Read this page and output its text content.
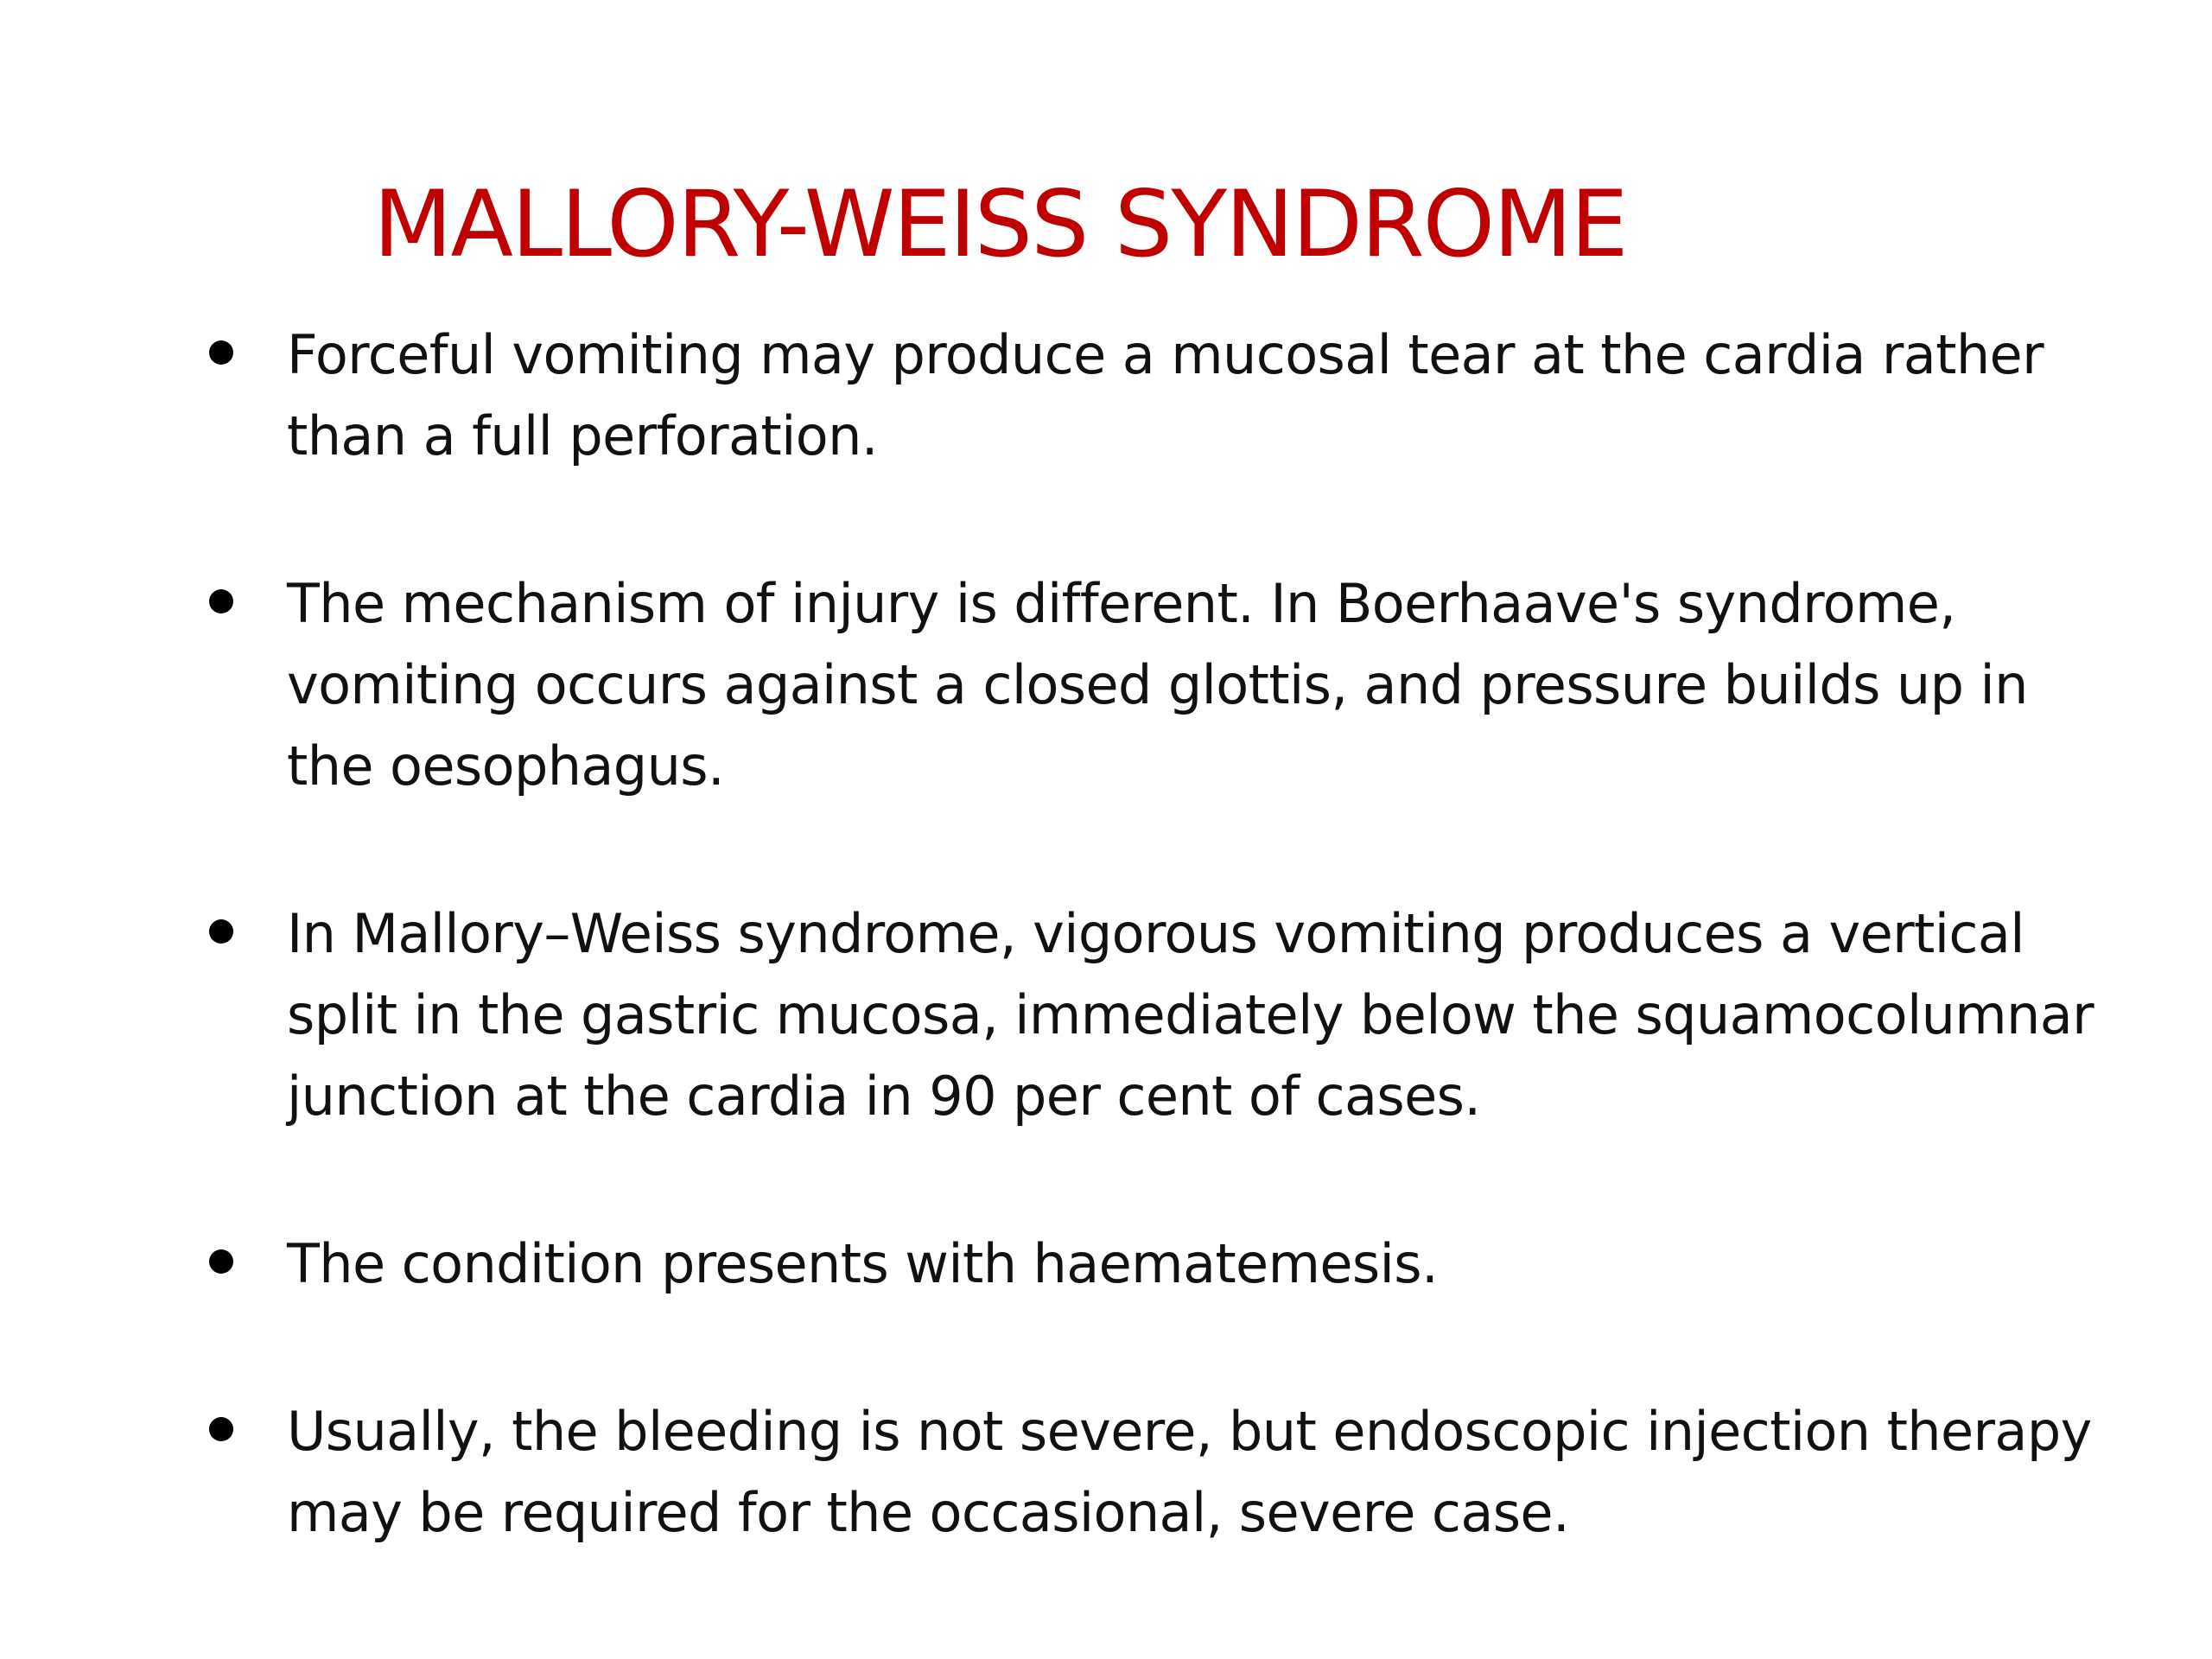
MALLORY-WEISS SYNDROME
Forceful vomiting may produce a mucosal tear at the cardia rather than a full perforation.
The mechanism of injury is different. In Boerhaave's syndrome, vomiting occurs against a closed glottis, and pressure builds up in the oesophagus.
In Mallory–Weiss syndrome, vigorous vomiting produces a vertical split in the gastric mucosa, immediately below the squamocolumnar junction at the cardia in 90 per cent of cases.
The condition presents with haematemesis.
Usually, the bleeding is not severe, but endoscopic injection therapy may be required for the occasional, severe case.
